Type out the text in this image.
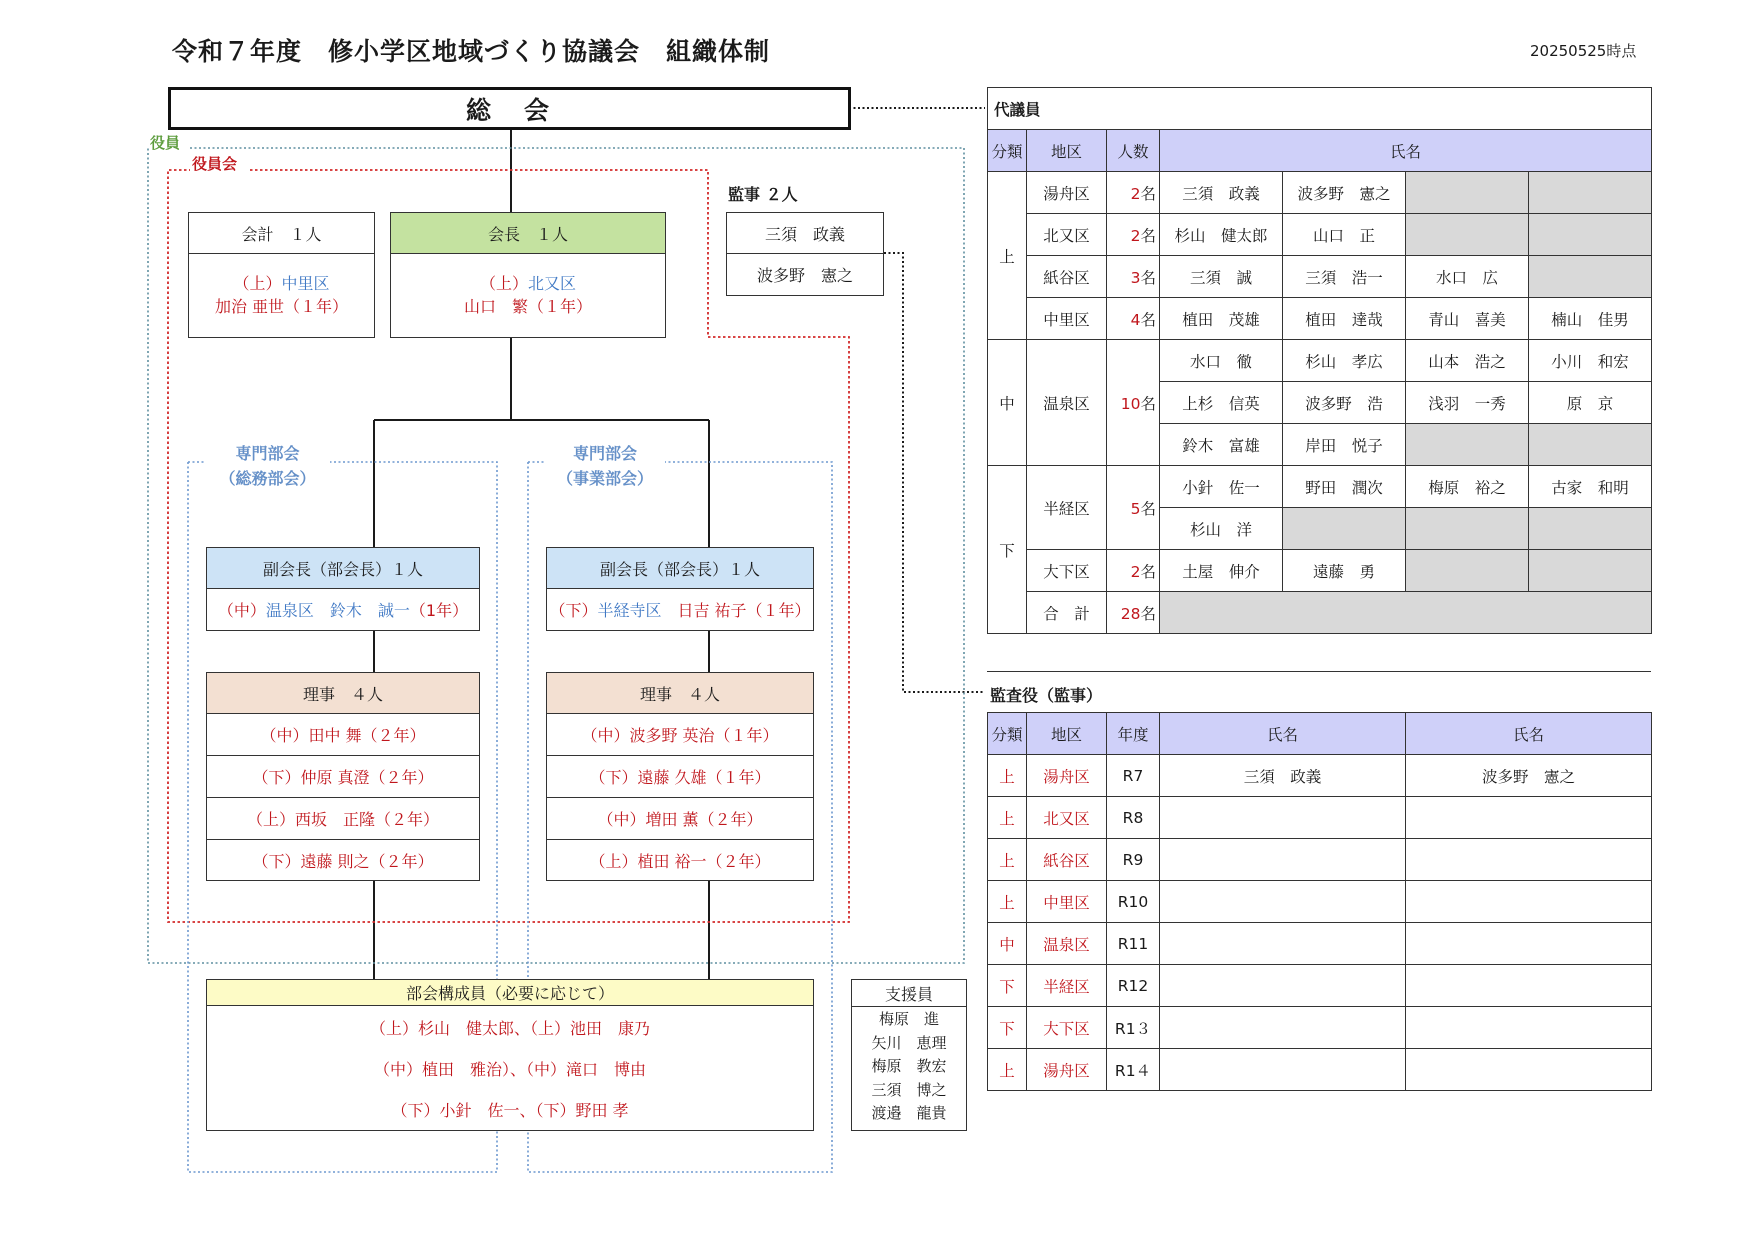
令和７年度　修小学区地域づくり協議会　組織体制	20250525時点
総　会
役員
役員会
会計　１人
（上）中里区
加治 亜世（１年）
会長　１人
（上）北又区
山口　繁（１年）
監事 ２人
三須　政義
波多野　憲之
専門部会
（総務部会）
専門部会
（事業部会）
副会長（部会長）１人
（中） 温泉区　鈴木　誠一 （1年）
理事　４人
（中）田中 舞（２年）
（下）仲原 真澄（２年）
（上）西坂　正隆（２年）
（下）遠藤 則之（２年）
副会長（部会長）１人
（下） 半経寺区 日吉 祐子（１年）
理事　４人
（中）波多野 英治（１年）
（下）遠藤 久雄（１年）
（中）増田 薫（２年）
（上）植田 裕一（２年）
部会構成員（必要に応じて）
（上）杉山　健太郎、（上）池田　康乃
（中）植田　雅治）、（中）滝口　博由
（下）小針　佐一、（下）野田 孝
支援員
梅原　進
矢川　恵理
梅原　教宏
三須　博之
渡邉　龍貴
代議員						
分類	地区	人数	氏名			
上	湯舟区	2名	三須　政義	波多野　憲之		
	北又区	2名	杉山　健太郎	山口　正		
	紙谷区	3名	三須　誠	三須　浩一	水口　広	
	中里区	4名	植田　茂雄	植田　達哉	青山　喜美	楠山　佳男
中	温泉区	10名	水口　徹	杉山　孝広	山本　浩之	小川　和宏
			上杉　信英	波多野　浩	浅羽　一秀	原　京
			鈴木　富雄	岸田　悦子		
下	半経区	5名	小針　佐一	野田　潤次	梅原　裕之	古家　和明
			杉山　洋			
	大下区	2名	土屋　伸介	遠藤　勇		
	合　計	28名				
監査役（監事）
分類	地区	年度	氏名	氏名
上	湯舟区	R7	三須　政義	波多野　憲之
上	北又区	R8		
上	紙谷区	R9		
上	中里区	R10		
中	温泉区	R11		
下	半経区	R12		
下	大下区	R1３		
上	湯舟区	R1４		
